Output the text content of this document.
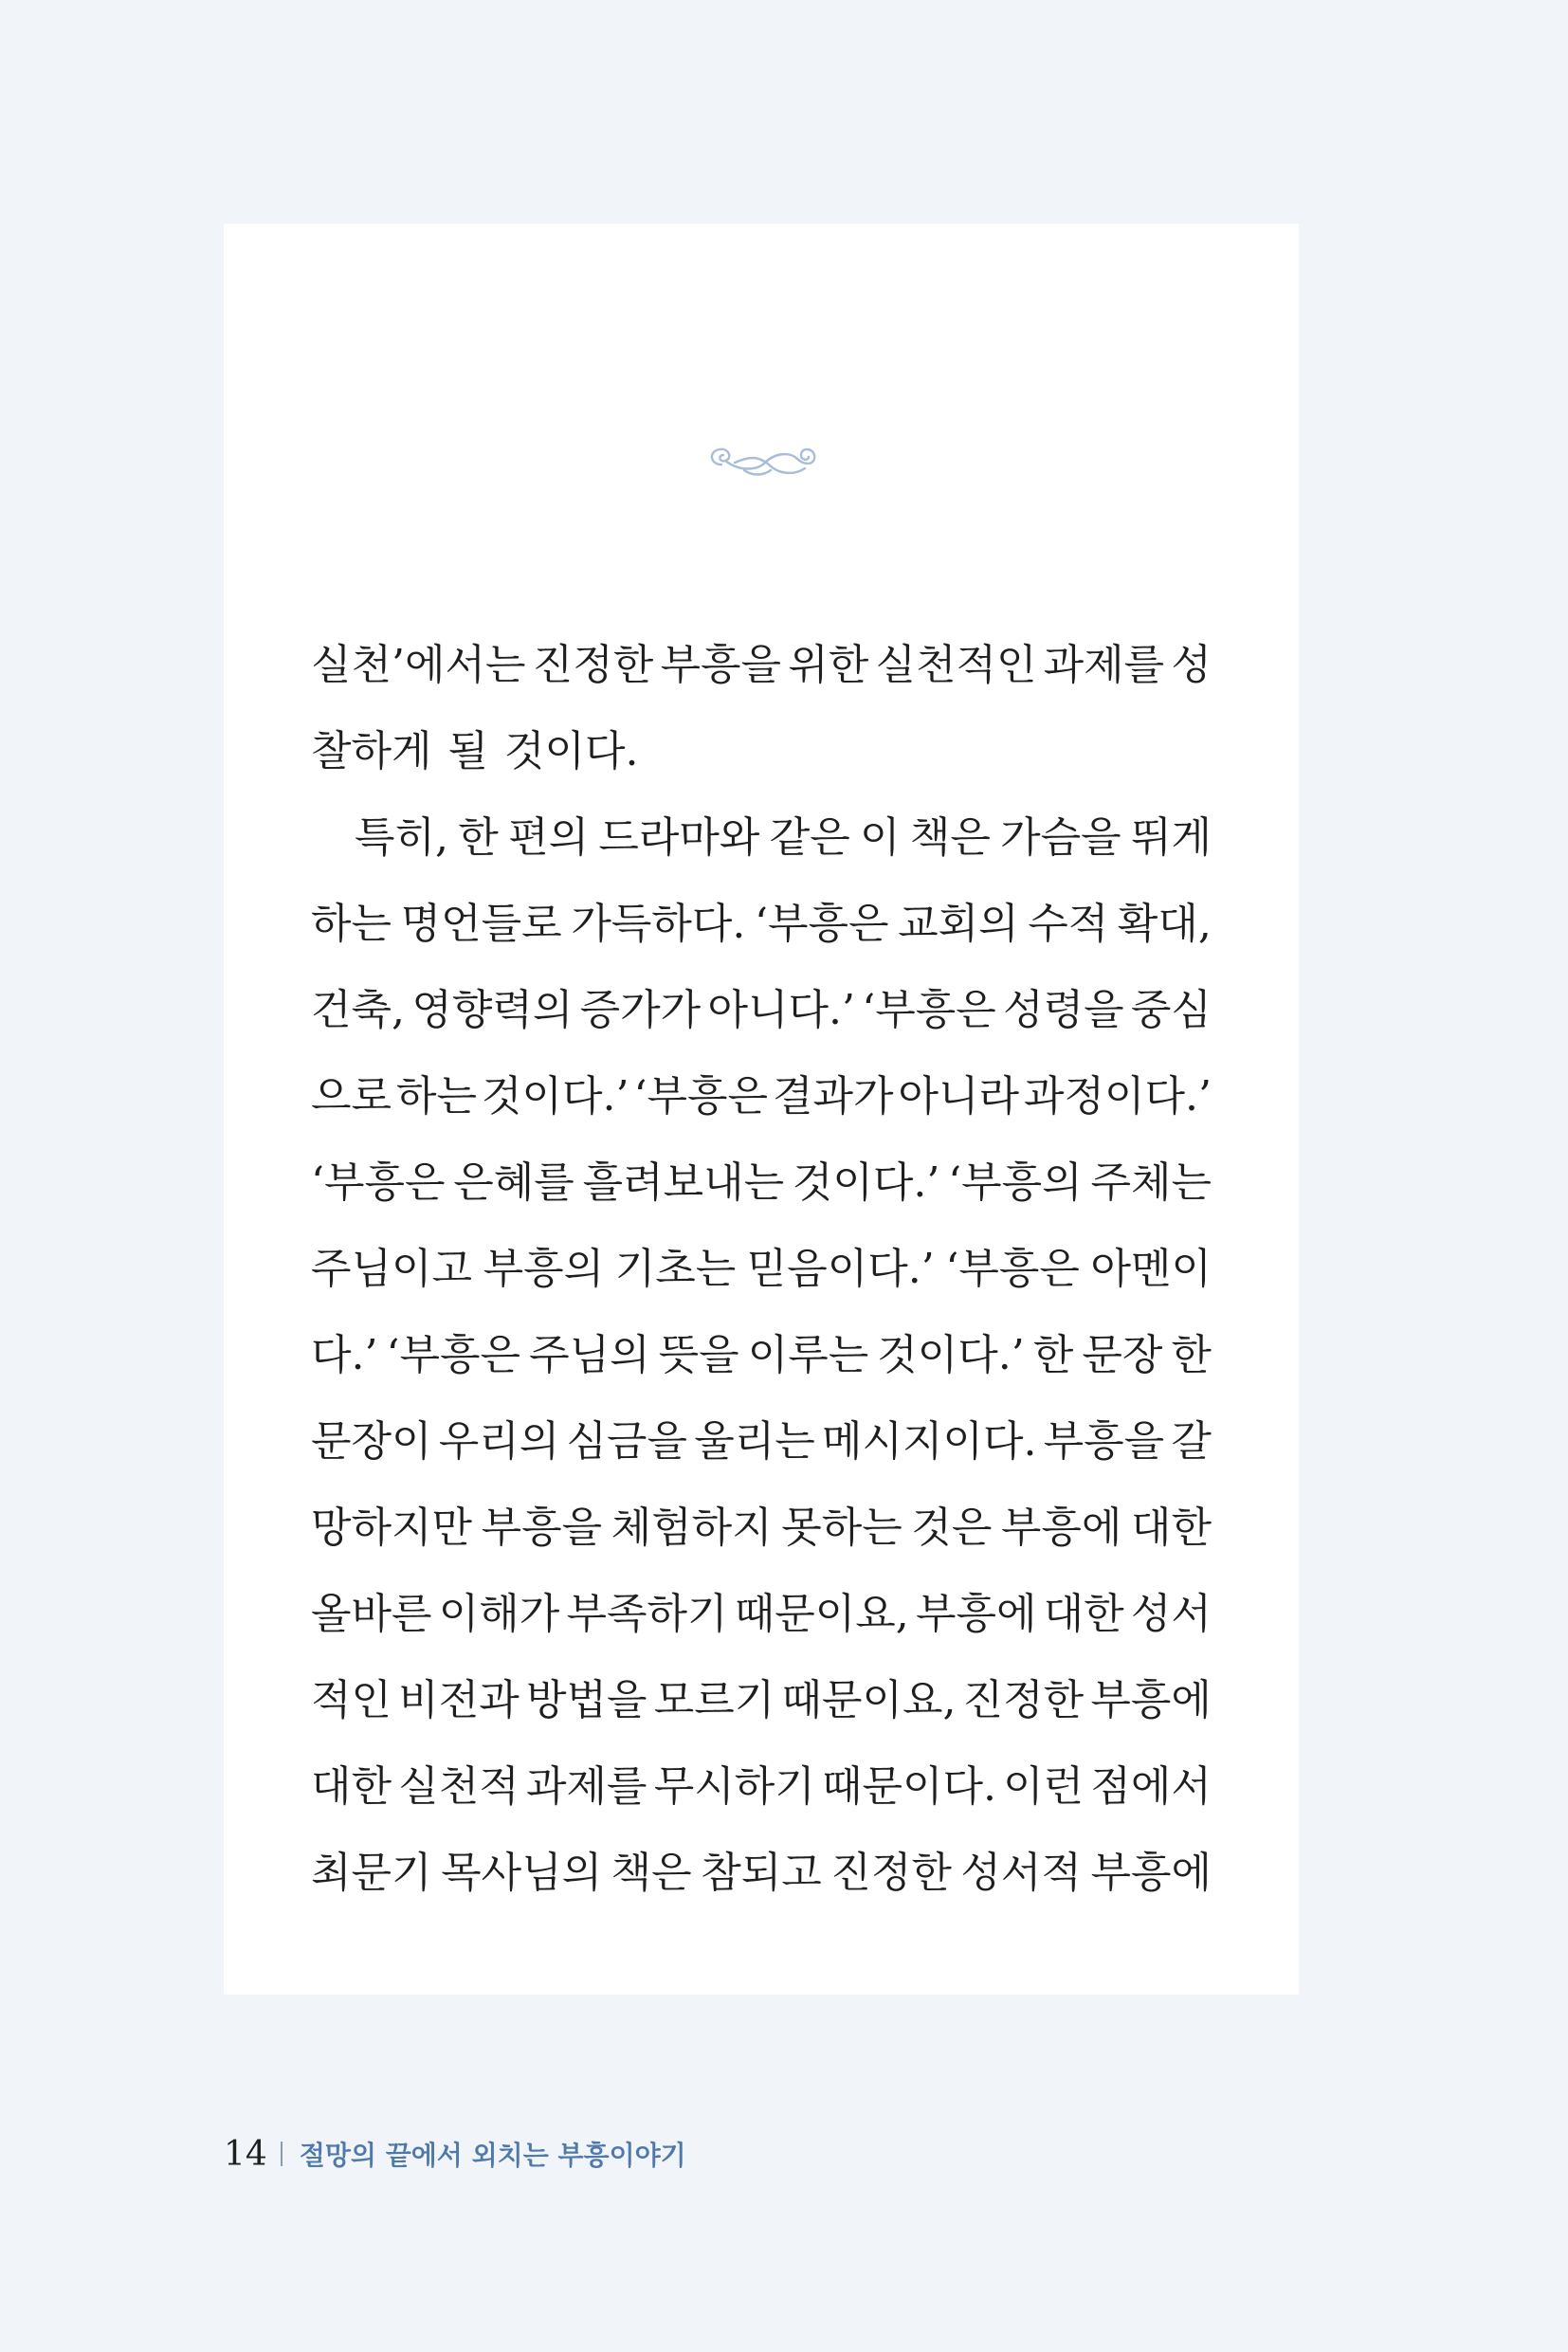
실천’에서는 진정한 부흥을 위한 실천적인 과제를 성
찰하게 될 것이다.
특히, 한 편의 드라마와 같은 이 책은 가슴을 뛰게
하는 명언들로 가득하다. ‘부흥은 교회의 수적 확대,
건축, 영향력의 증가가 아니다.’ ‘부흥은 성령을 중심
으로 하는 것이다.’ ‘부흥은 결과가 아니라 과정이다.’
‘부흥은 은혜를 흘려보내는 것이다.’ ‘부흥의 주체는
주님이고 부흥의 기초는 믿음이다.’ ‘부흥은 아멘이
다.’ ‘부흥은 주님의 뜻을 이루는 것이다.’ 한 문장 한
문장이 우리의 심금을 울리는 메시지이다. 부흥을 갈
망하지만 부흥을 체험하지 못하는 것은 부흥에 대한
올바른 이해가 부족하기 때문이요, 부흥에 대한 성서
적인 비전과 방법을 모르기 때문이요, 진정한 부흥에
대한 실천적 과제를 무시하기 때문이다. 이런 점에서
최문기 목사님의 책은 참되고 진정한 성서적 부흥에
14 절망의 끝에서 외치는 부흥이야기
